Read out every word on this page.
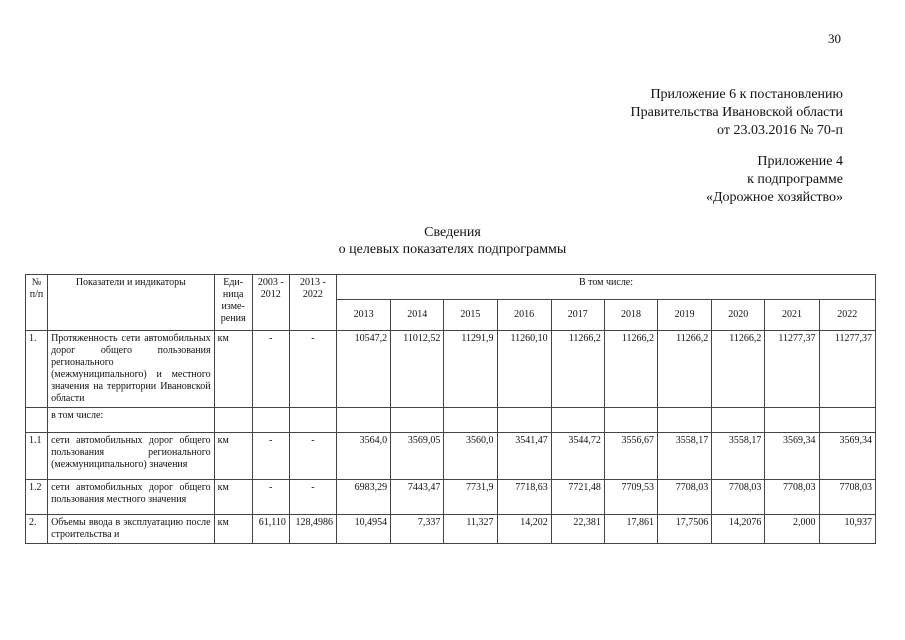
30
Приложение 6 к постановлению
Правительства Ивановской области
от 23.03.2016 № 70-п
Приложение 4
к подпрограмме
«Дорожное хозяйство»
Сведения
о целевых показателях подпрограммы
№ п/п	Показатели и индикаторы	Еди-ница изме-рения	2003 - 2012	2013 - 2022	В том числе:									
					2013	2014	2015	2016	2017	2018	2019	2020	2021	2022
1.	Протяженность сети автомобильных дорог общего пользования регионального (межмуниципального) и местного значения на территории Ивановской области	км	-	-	10547,2	11012,52	11291,9	11260,10	11266,2	11266,2	11266,2	11266,2	11277,37	11277,37
	в том числе:													
1.1	сети автомобильных дорог общего пользования регионального (межмуниципального) значения	км	-	-	3564,0	3569,05	3560,0	3541,47	3544,72	3556,67	3558,17	3558,17	3569,34	3569,34
1.2	сети автомобильных дорог общего пользования местного значения	км	-	-	6983,29	7443,47	7731,9	7718,63	7721,48	7709,53	7708,03	7708,03	7708,03	7708,03
2.	Объемы ввода в эксплуатацию после строительства и	км	61,110	128,4986	10,4954	7,337	11,327	14,202	22,381	17,861	17,7506	14,2076	2,000	10,937
